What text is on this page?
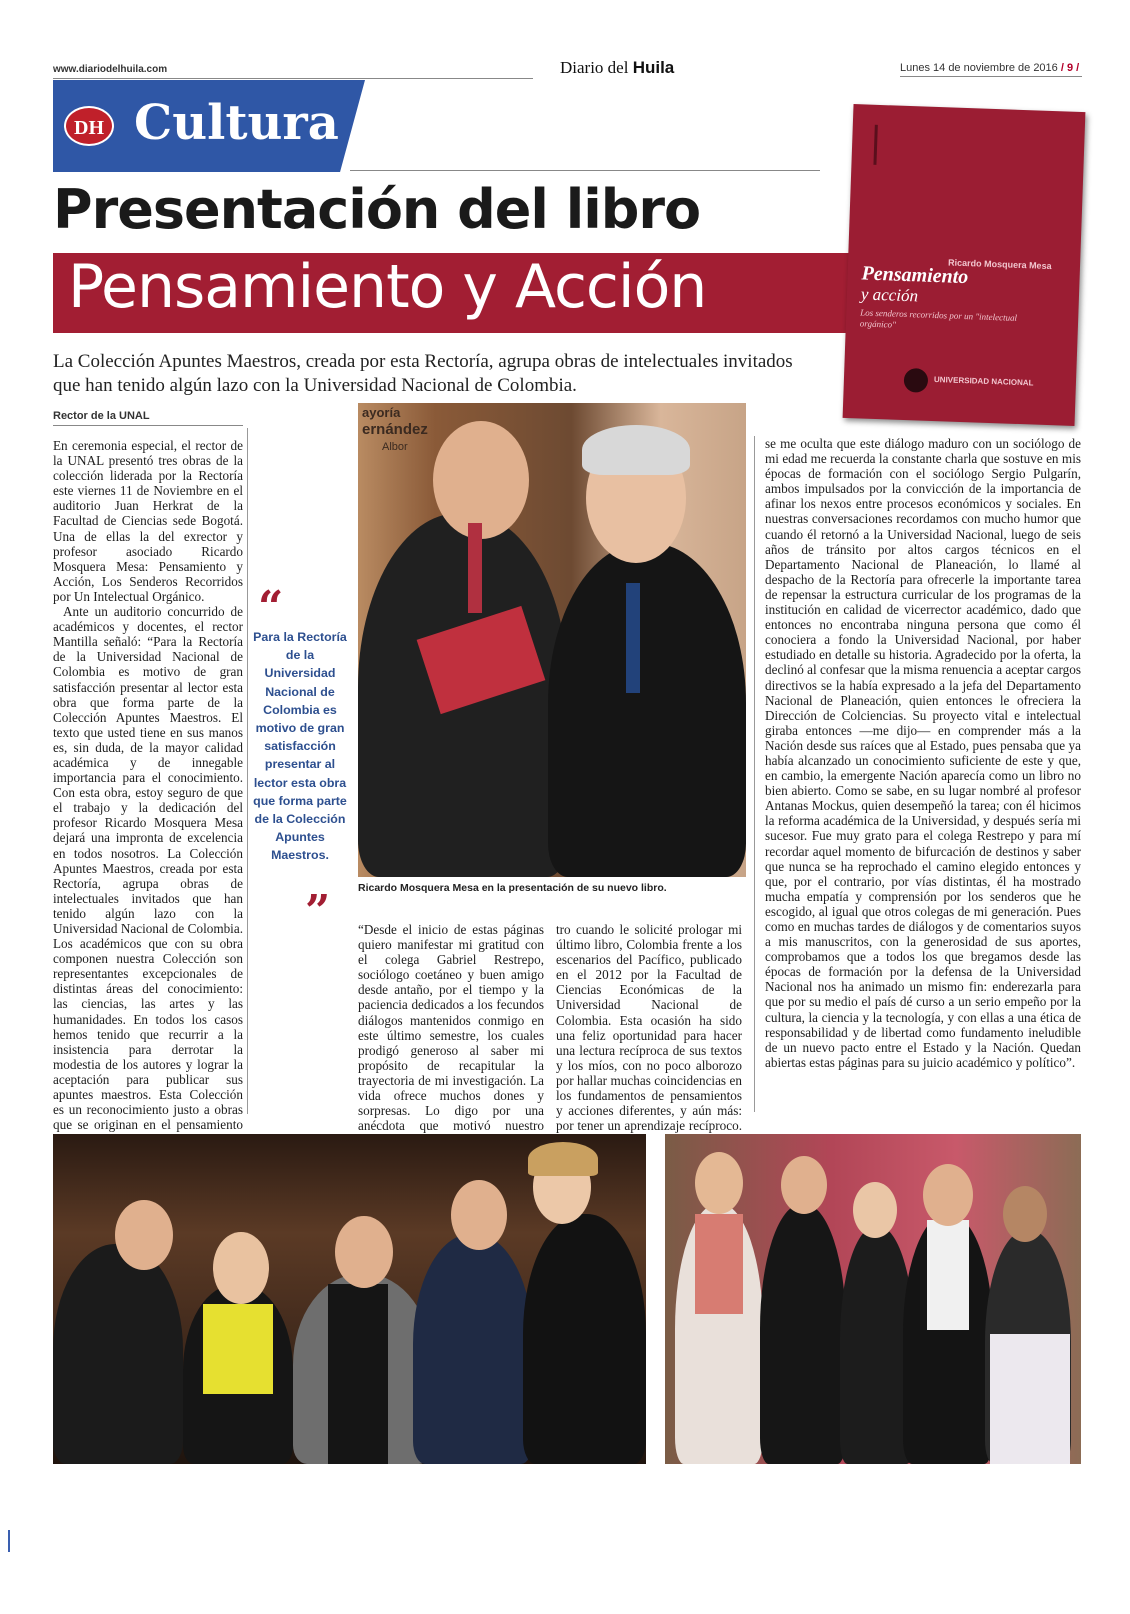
www.diariodelhuila.com	Diario del Huila	Lunes 14 de noviembre de 2016 / 9 /
DH Cultura
Presentación del libro
Pensamiento y Acción
La Colección Apuntes Maestros, creada por esta Rectoría, agrupa obras de intelectuales invitados que han tenido algún lazo con la Universidad Nacional de Colombia.
Ricardo Mosquera Mesa
Pensamiento
y acción
Los senderos recorridos por un "intelectual orgánico"
UNIVERSIDAD NACIONAL
Rector de la UNAL

En ceremonia especial, el rector de la UNAL presentó tres obras de la colección liderada por la Rectoría este viernes 11 de Noviembre en el auditorio Juan Herkrat de la Facultad de Ciencias sede Bogotá. Una de ellas la del exrector y profesor asociado Ricardo Mosquera Mesa: Pensamiento y Acción, Los Senderos Recorridos por Un Intelectual Orgánico.

Ante un auditorio concurrido de académicos y docentes, el rector Mantilla señaló: “Para la Rectoría de la Universidad Nacional de Colombia es motivo de gran satisfacción presentar al lector esta obra que forma parte de la Colección Apuntes Maestros. El texto que usted tiene en sus manos es, sin duda, de la mayor calidad académica y de innegable importancia para el conocimiento. Con esta obra, estoy seguro de que el trabajo y la dedicación del profesor Ricardo Mosquera Mesa dejará una impronta de excelencia en todos nosotros. La Colección Apuntes Maestros, creada por esta Rectoría, agrupa obras de intelectuales invitados que han tenido algún lazo con la Universidad Nacional de Colombia. Los académicos que con su obra componen nuestra Colección son representantes excepcionales de distintas áreas del conocimiento: las ciencias, las artes y las humanidades. En todos los casos hemos tenido que recurrir a la insistencia para derrotar la modestia de los autores y lograr la aceptación para publicar sus apuntes maestros. Esta Colección es un reconocimiento justo a obras que se originan en el pensamiento

“
Para la Rectoría de la Universidad Nacional de Colombia es motivo de gran satisfacción presentar al lector esta obra que forma parte de la Colección Apuntes Maestros.
”
ayoría
ernández
Albor
Ricardo Mosquera Mesa en la presentación de su nuevo libro.

“Desde el inicio de estas páginas quiero manifestar mi gratitud con el colega Gabriel Restrepo, sociólogo coetáneo y buen amigo desde antaño, por el tiempo y la paciencia dedicados a los fecundos diálogos mantenidos conmigo en este último semestre, los cuales prodigó generoso al saber mi propósito de recapitular la trayectoria de mi investigación. La vida ofrece muchos dones y sorpresas. Lo digo por una anécdota que motivó nuestro

tro cuando le solicité prologar mi último libro, Colombia frente a los escenarios del Pacífico, publicado en el 2012 por la Facultad de Ciencias Económicas de la Universidad Nacional de Colombia. Esta ocasión ha sido una feliz oportunidad para hacer una lectura recíproca de sus textos y los míos, con no poco alborozo por hallar muchas coincidencias en los fundamentos de pensamientos y acciones diferentes, y aún más: por tener un aprendizaje recíproco.

se me oculta que este diálogo maduro con un sociólogo de mi edad me recuerda la constante charla que sostuve en mis épocas de formación con el sociólogo Sergio Pulgarín, ambos impulsados por la convicción de la importancia de afinar los nexos entre procesos económicos y sociales. En nuestras conversaciones recordamos con mucho humor que cuando él retornó a la Universidad Nacional, luego de seis años de tránsito por altos cargos técnicos en el Departamento Nacional de Planeación, lo llamé al despacho de la Rectoría para ofrecerle la importante tarea de repensar la estructura curricular de los programas de la institución en calidad de vicerrector académico, dado que entonces no encontraba ninguna persona que como él conociera a fondo la Universidad Nacional, por haber estudiado en detalle su historia. Agradecido por la oferta, la declinó al confesar que la misma renuencia a aceptar cargos directivos se la había expresado a la jefa del Departamento Nacional de Planeación, quien entonces le ofreciera la Dirección de Colciencias. Su proyecto vital e intelectual giraba entonces —me dijo— en comprender más a la Nación desde sus raíces que al Estado, pues pensaba que ya había alcanzado un conocimiento suficiente de este y que, en cambio, la emergente Nación aparecía como un libro no bien abierto. Como se sabe, en su lugar nombré al profesor Antanas Mockus, quien desempeñó la tarea; con él hicimos la reforma académica de la Universidad, y después sería mi sucesor. Fue muy grato para el colega Restrepo y para mí recordar aquel momento de bifurcación de destinos y saber que nunca se ha reprochado el camino elegido entonces y que, por el contrario, por vías distintas, él ha mostrado mucha empatía y comprensión por los senderos que he escogido, al igual que otros colegas de mi generación. Pues como en muchas tardes de diálogos y de comentarios suyos a mis manuscritos, con la generosidad de sus aportes, comprobamos que a todos los que bregamos desde las épocas de formación por la defensa de la Universidad Nacional nos ha animado un mismo fin: enderezarla para que por su medio el país dé curso a un serio empeño por la cultura, la ciencia y la tecnología, y con ellas a una ética de responsabilidad y de libertad como fundamento ineludible de un nuevo pacto entre el Estado y la Nación. Quedan abiertas estas páginas para su juicio académico y político”.
